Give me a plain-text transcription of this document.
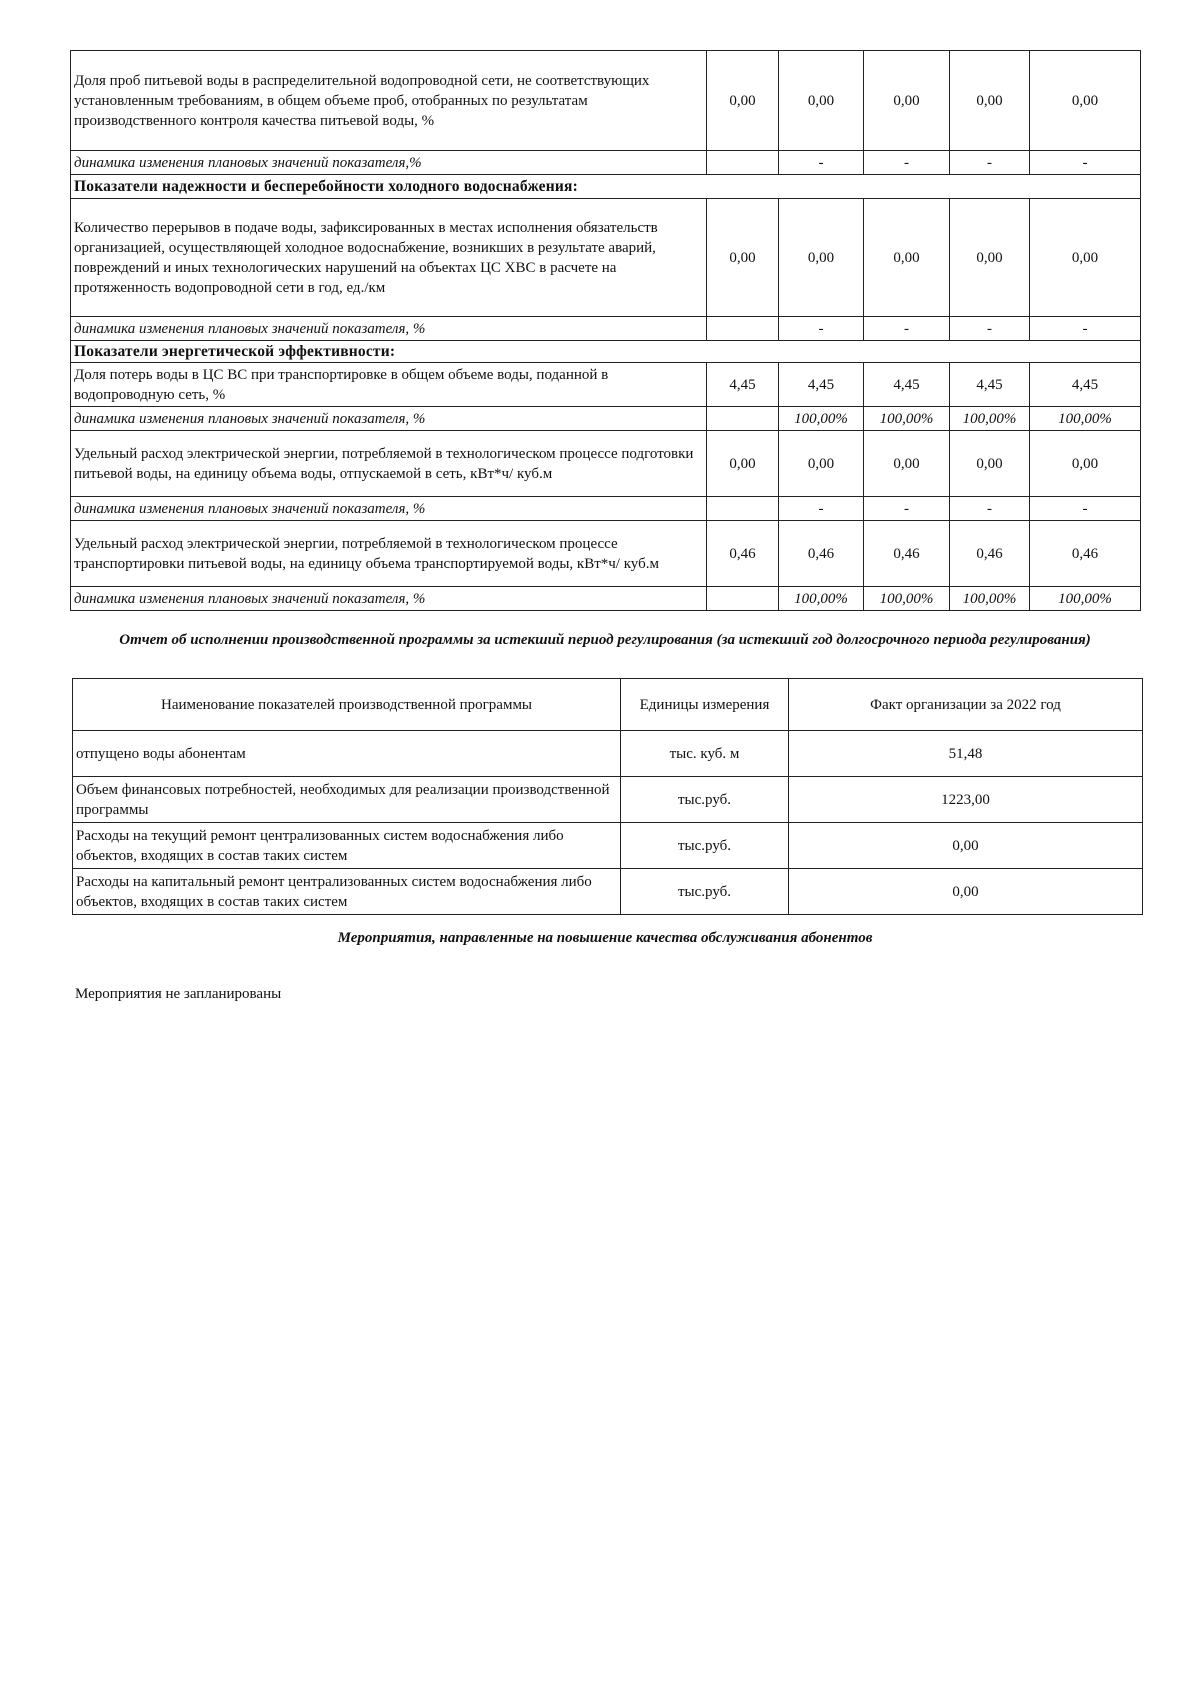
Доля проб питьевой воды в распределительной водопроводной сети, не соответствующих установленным требованиям, в общем объеме проб, отобранных по результатам производственного контроля качества питьевой воды, %	0,00	0,00	0,00	0,00	0,00
динамика изменения плановых значений показателя,%		-	-	-	-
Показатели надежности и бесперебойности холодного водоснабжения:					
Количество перерывов в подаче воды, зафиксированных в местах исполнения обязательств организацией, осуществляющей холодное водоснабжение, возникших в результате аварий, повреждений и иных технологических нарушений на объектах ЦС ХВС в расчете на протяженность водопроводной сети в год, ед./км	0,00	0,00	0,00	0,00	0,00
динамика изменения плановых значений показателя, %		-	-	-	-
Показатели энергетической эффективности:					
Доля потерь воды в ЦС ВС при транспортировке в общем объеме воды, поданной в водопроводную сеть, %	4,45	4,45	4,45	4,45	4,45
динамика изменения плановых значений показателя, %		100,00%	100,00%	100,00%	100,00%
Удельный расход электрической энергии, потребляемой в технологическом процессе подготовки питьевой воды, на единицу объема воды, отпускаемой в сеть, кВт*ч/ куб.м	0,00	0,00	0,00	0,00	0,00
динамика изменения плановых значений показателя, %		-	-	-	-
Удельный расход электрической энергии, потребляемой в технологическом процессе транспортировки питьевой воды, на единицу объема транспортируемой воды, кВт*ч/ куб.м	0,46	0,46	0,46	0,46	0,46
динамика изменения плановых значений показателя, %		100,00%	100,00%	100,00%	100,00%
Отчет об исполнении производственной программы за истекший период регулирования (за истекший год долгосрочного периода регулирования)
Наименование показателей производственной программы	Единицы измерения	Факт организации за 2022 год
отпущено воды абонентам	тыс. куб. м	51,48
Объем финансовых потребностей, необходимых для реализации производственной программы	тыс.руб.	1223,00
Расходы на текущий ремонт централизованных систем водоснабжения либо объектов, входящих в состав таких систем	тыс.руб.	0,00
Расходы на капитальный ремонт централизованных систем водоснабжения либо объектов, входящих в состав таких систем	тыс.руб.	0,00
Мероприятия, направленные на повышение качества обслуживания абонентов
Мероприятия не запланированы
